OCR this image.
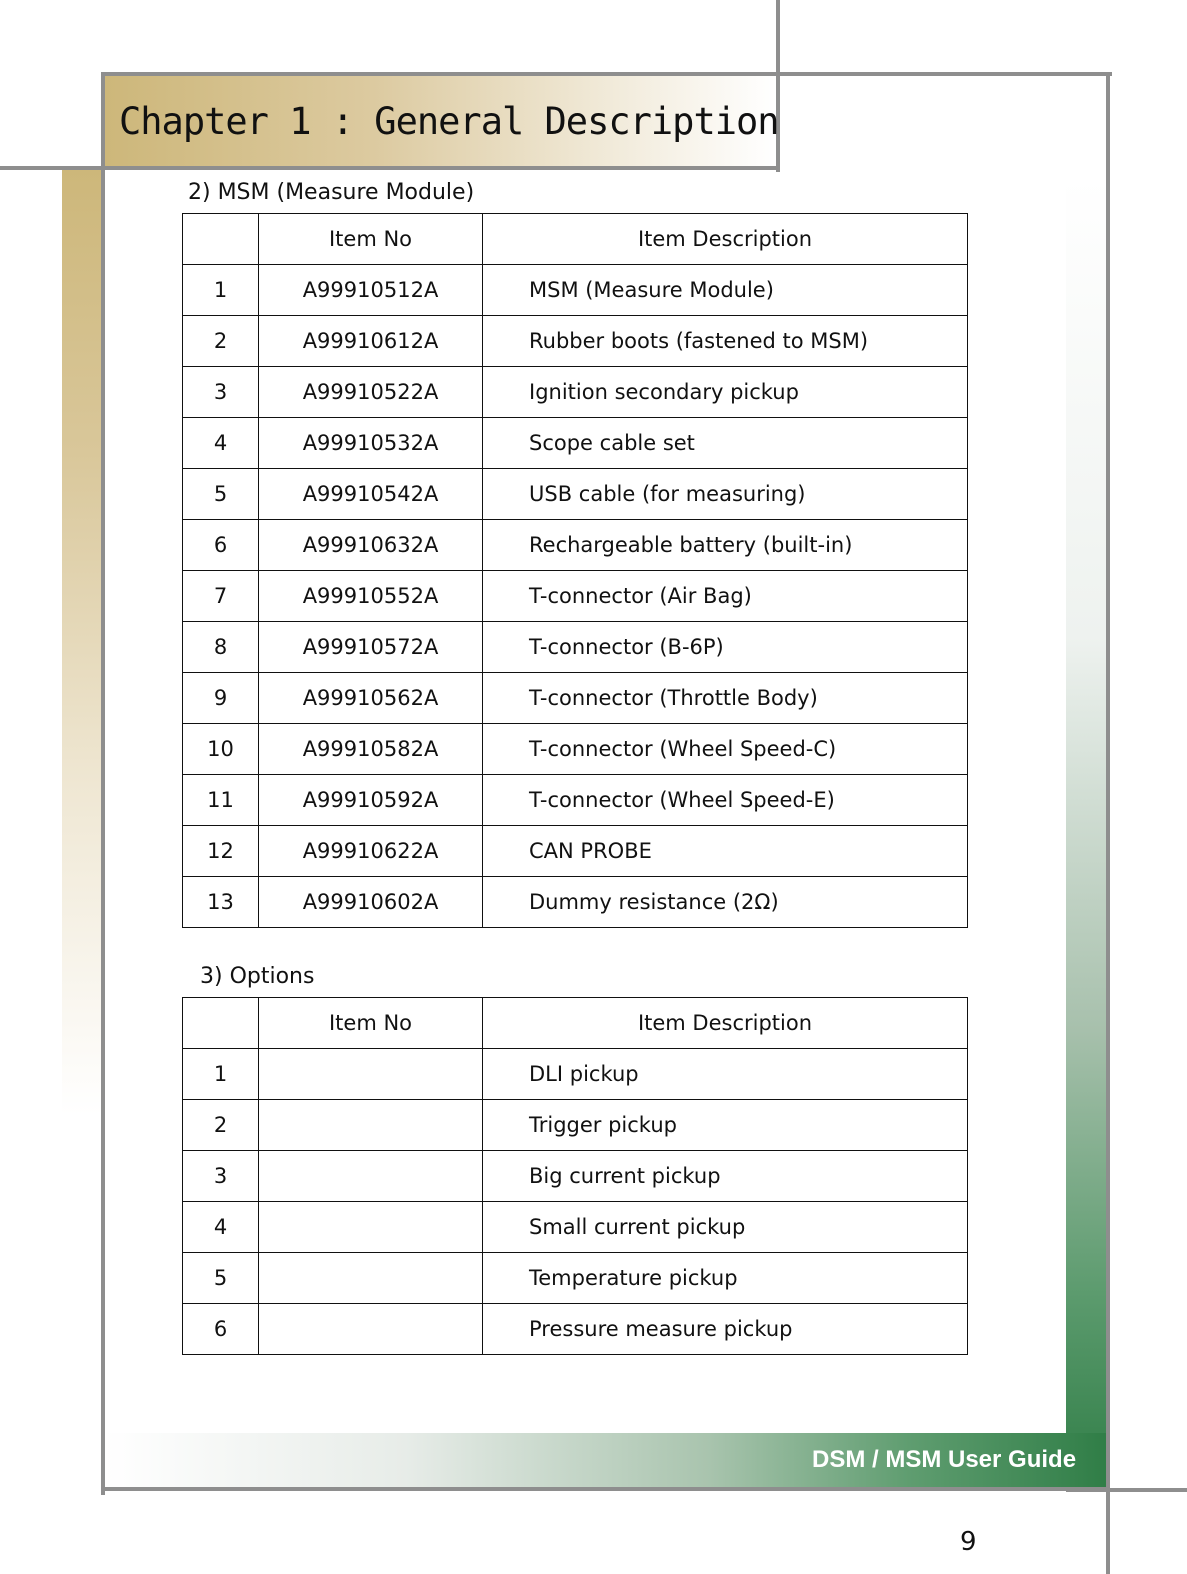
Chapter 1 : General Description
2) MSM (Measure Module)
	Item No	Item Description
1	A99910512A	MSM (Measure Module)
2	A99910612A	Rubber boots (fastened to MSM)
3	A99910522A	Ignition secondary pickup
4	A99910532A	Scope cable set
5	A99910542A	USB cable (for measuring)
6	A99910632A	Rechargeable battery (built-in)
7	A99910552A	T-connector (Air Bag)
8	A99910572A	T-connector (B-6P)
9	A99910562A	T-connector (Throttle Body)
10	A99910582A	T-connector (Wheel Speed-C)
11	A99910592A	T-connector (Wheel Speed-E)
12	A99910622A	CAN PROBE
13	A99910602A	Dummy resistance (2Ω)
3) Options
	Item No	Item Description
1		DLI pickup
2		Trigger pickup
3		Big current pickup
4		Small current pickup
5		Temperature pickup
6		Pressure measure pickup
DSM / MSM User Guide
9
